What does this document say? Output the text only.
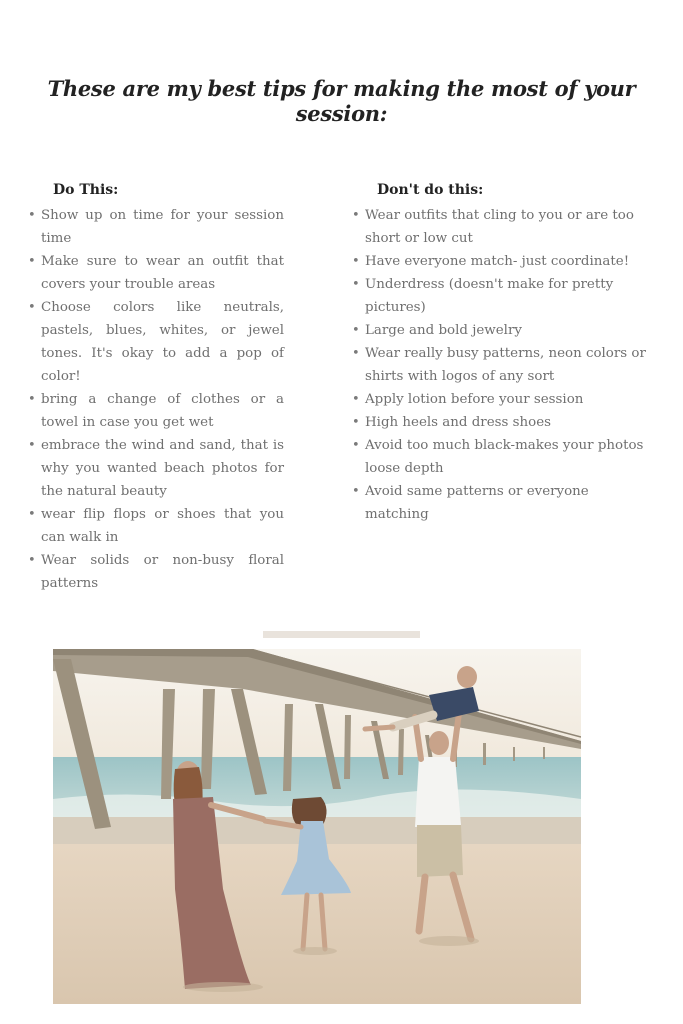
These are my best tips for making the most of your session:
Do This:
• Show up on time for your session time
• Make sure to wear an outfit that covers your trouble areas
• Choose colors like neutrals, pastels, blues, whites, or jewel tones. It's okay to add a pop of color!
• bring a change of clothes or a towel in case you get wet
• embrace the wind and sand, that is why you wanted beach photos for the natural beauty
• wear flip flops or shoes that you can walk in
• Wear solids or non-busy floral patterns
Don't do this:
• Wear outfits that cling to you or are too short or low cut
• Have everyone match- just coordinate!
• Underdress (doesn't make for pretty pictures)
• Large and bold jewelry
• Wear really busy patterns, neon colors or shirts with logos of any sort
• Apply lotion before your session
• High heels and dress shoes
• Avoid too much black-makes your photos loose depth
• Avoid same patterns or everyone matching
